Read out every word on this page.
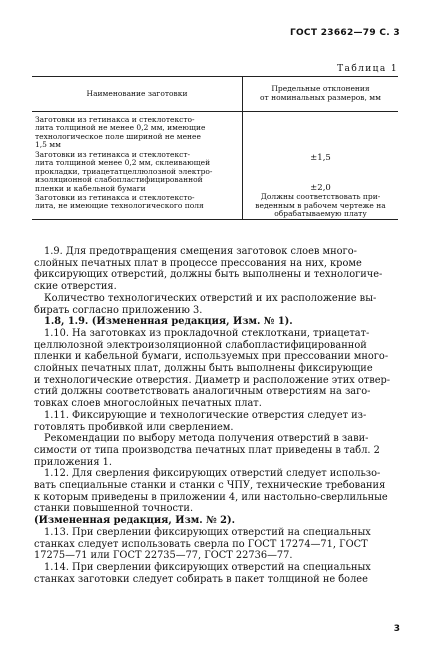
ГОСТ 23662—79 С. 3
Таблица 1
Наименование заготовки
Предельные отклонения
от номинальных размеров, мм
Заготовки из гетинакса и стеклотексто-
лита толщиной не менее 0,2 мм, имеющие
технологическое поле шириной не менее
1,5 мм
Заготовки из гетинакса и стеклотекст-
лита толщиной менее 0,2 мм, склеивающей
прокладки, триацетатцеллюлозной электро-
изоляционной слабопластифицированной
пленки и кабельной бумаги
±1,5
Заготовки из гетинакса и стеклотексто-
лита, не имеющие технологического поля
±2,0
Должны соответствовать при-
веденным в рабочем чертеже на
обрабатываемую плату
1.9. Для предотвращения смещения заготовок слоев много-
слойных печатных плат в процессе прессования на них, кроме
фиксирующих отверстий, должны быть выполнены и технологиче-
ские отверстия.
Количество технологических отверстий и их расположение вы-
бирать согласно приложению 3.
1.8, 1.9. (Измененная редакция, Изм. № 1).
1.10. На заготовках из прокладочной стеклоткани, триацетат-
целлюлозной электроизоляционной слабопластифицированной
пленки и кабельной бумаги, используемых при прессовании много-
слойных печатных плат, должны быть выполнены фиксирующие
и технологические отверстия. Диаметр и расположение этих отвер-
стий должны соответствовать аналогичным отверстиям на заго-
товках слоев многослойных печатных плат.
1.11. Фиксирующие и технологические отверстия следует из-
готовлять пробивкой или сверлением.
Рекомендации по выбору метода получения отверстий в зави-
симости от типа производства печатных плат приведены в табл. 2
приложения 1.
1.12. Для сверления фиксирующих отверстий следует использо-
вать специальные станки и станки с ЧПУ, технические требования
к которым приведены в приложении 4, или настольно-сверлильные
станки повышенной точности.
(Измененная редакция, Изм. № 2).
1.13. При сверлении фиксирующих отверстий на специальных
станках следует использовать сверла по ГОСТ 17274—71, ГОСТ
17275—71 или ГОСТ 22735—77, ГОСТ 22736—77.
1.14. При сверлении фиксирующих отверстий на специальных
станках заготовки следует собирать в пакет толщиной не более
3
